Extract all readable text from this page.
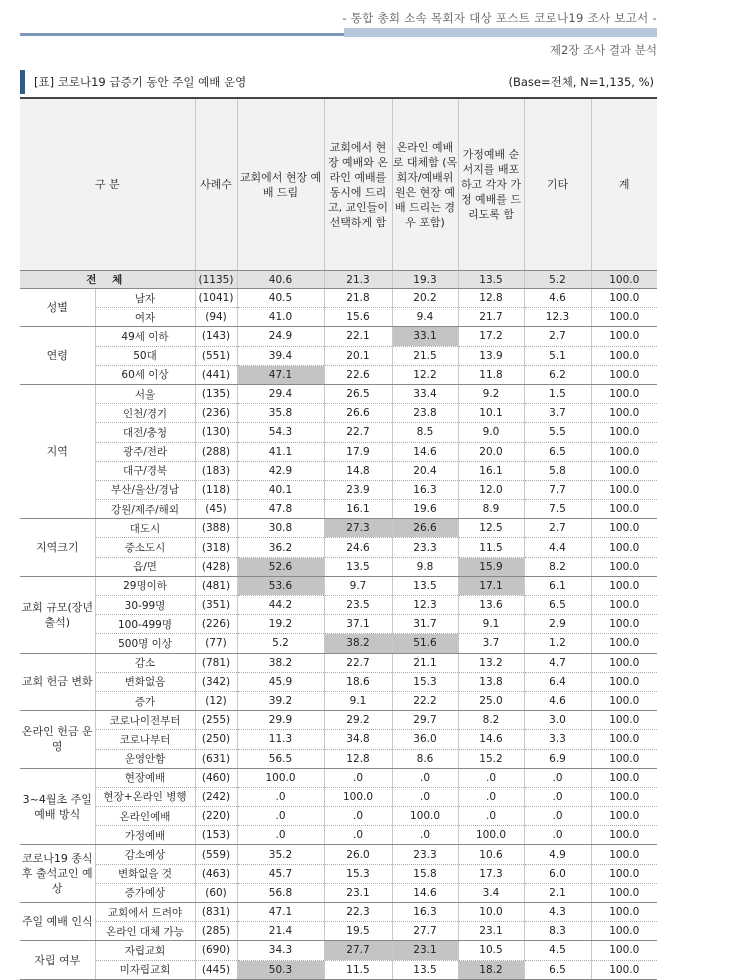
- 통합 총회 소속 목회자 대상 포스트 코로나19 조사 보고서 -
제2장 조사 결과 분석
[표] 코로나19 급증기 동안 주일 예배 운영	(Base=전체, N=1,135, %)
구 분		사례수	교회에서 현장 예배 드림	교회에서 현장 예배와 온라인 예배를 동시에 드리고, 교인들이 선택하게 함	온라인 예배로 대체함 (목회자/예배위원은 현장 예배 드리는 경우 포함)	가정예배 순서지를 배포하고 각자 가정 예배를 드리도록 함	기타	계
전 체		(1135)	40.6	21.3	19.3	13.5	5.2	100.0
성별	남자	(1041)	40.5	21.8	20.2	12.8	4.6	100.0
	여자	(94)	41.0	15.6	9.4	21.7	12.3	100.0
연령	49세 이하	(143)	24.9	22.1	33.1	17.2	2.7	100.0
	50대	(551)	39.4	20.1	21.5	13.9	5.1	100.0
	60세 이상	(441)	47.1	22.6	12.2	11.8	6.2	100.0
지역	서울	(135)	29.4	26.5	33.4	9.2	1.5	100.0
	인천/경기	(236)	35.8	26.6	23.8	10.1	3.7	100.0
	대전/충청	(130)	54.3	22.7	8.5	9.0	5.5	100.0
	광주/전라	(288)	41.1	17.9	14.6	20.0	6.5	100.0
	대구/경북	(183)	42.9	14.8	20.4	16.1	5.8	100.0
	부산/울산/경남	(118)	40.1	23.9	16.3	12.0	7.7	100.0
	강원/제주/해외	(45)	47.8	16.1	19.6	8.9	7.5	100.0
지역크기	대도시	(388)	30.8	27.3	26.6	12.5	2.7	100.0
	중소도시	(318)	36.2	24.6	23.3	11.5	4.4	100.0
	읍/면	(428)	52.6	13.5	9.8	15.9	8.2	100.0
교회 규모(장년출석)	29명이하	(481)	53.6	9.7	13.5	17.1	6.1	100.0
	30-99명	(351)	44.2	23.5	12.3	13.6	6.5	100.0
	100-499명	(226)	19.2	37.1	31.7	9.1	2.9	100.0
	500명 이상	(77)	5.2	38.2	51.6	3.7	1.2	100.0
교회 헌금 변화	감소	(781)	38.2	22.7	21.1	13.2	4.7	100.0
	변화없음	(342)	45.9	18.6	15.3	13.8	6.4	100.0
	증가	(12)	39.2	9.1	22.2	25.0	4.6	100.0
온라인 헌금 운영	코로나이전부터	(255)	29.9	29.2	29.7	8.2	3.0	100.0
	코로나부터	(250)	11.3	34.8	36.0	14.6	3.3	100.0
	운영안함	(631)	56.5	12.8	8.6	15.2	6.9	100.0
3~4월초 주일예배 방식	현장예배	(460)	100.0	.0	.0	.0	.0	100.0
	현장+온라인 병행	(242)	.0	100.0	.0	.0	.0	100.0
	온라인예배	(220)	.0	.0	100.0	.0	.0	100.0
	가정예배	(153)	.0	.0	.0	100.0	.0	100.0
코로나19 종식 후 출석교인 예상	감소예상	(559)	35.2	26.0	23.3	10.6	4.9	100.0
	변화없을 것	(463)	45.7	15.3	15.8	17.3	6.0	100.0
	증가예상	(60)	56.8	23.1	14.6	3.4	2.1	100.0
주일 예배 인식	교회에서 드려야	(831)	47.1	22.3	16.3	10.0	4.3	100.0
	온라인 대체 가능	(285)	21.4	19.5	27.7	23.1	8.3	100.0
자립 여부	자립교회	(690)	34.3	27.7	23.1	10.5	4.5	100.0
	미자립교회	(445)	50.3	11.5	13.5	18.2	6.5	100.0
